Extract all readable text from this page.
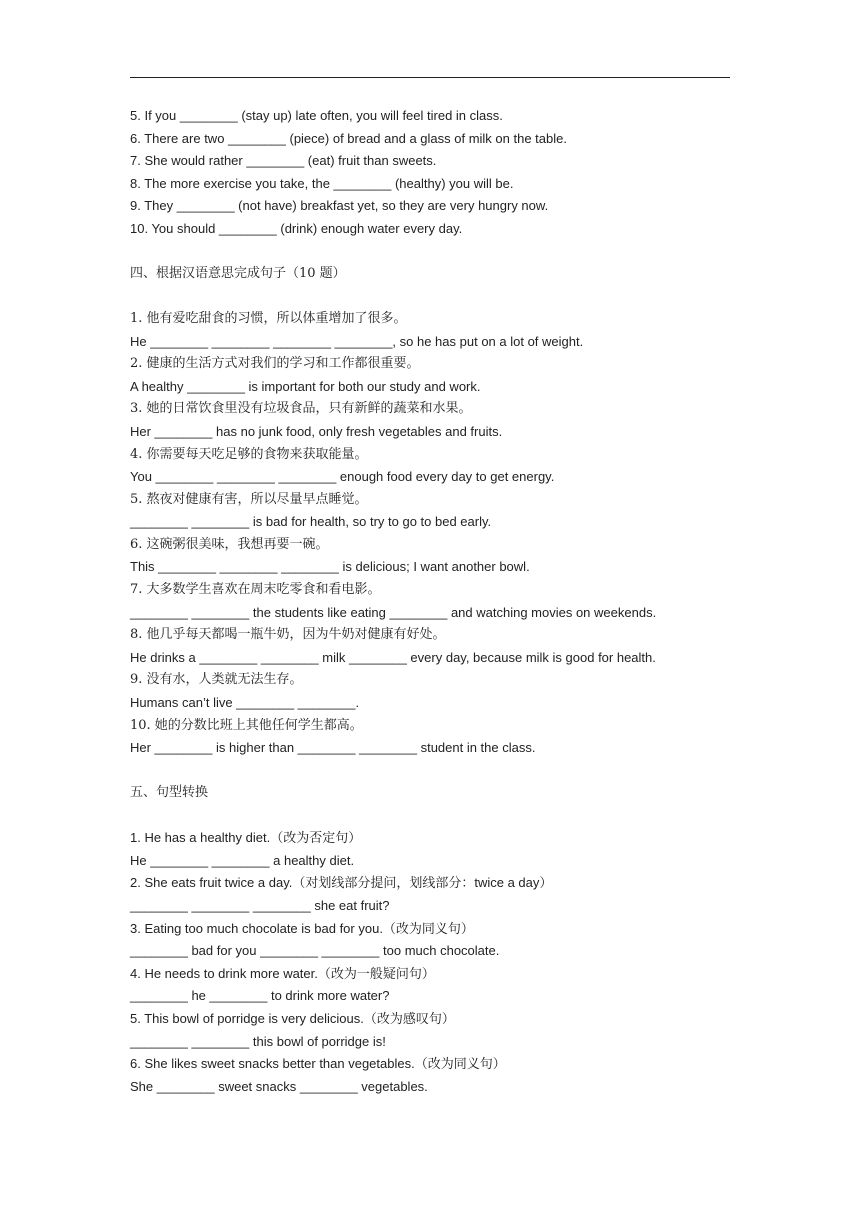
5. If you ________ (stay up) late often, you will feel tired in class.
6. There are two ________ (piece) of bread and a glass of milk on the table.
7. She would rather ________ (eat) fruit than sweets.
8. The more exercise you take, the ________ (healthy) you will be.
9. They ________ (not have) breakfast yet, so they are very hungry now.
10. You should ________ (drink) enough water every day.
四、根据汉语意思完成句子（10 题）
1. 他有爱吃甜食的习惯，所以体重增加了很多。
He ________ ________ ________ ________, so he has put on a lot of weight.
2. 健康的生活方式对我们的学习和工作都很重要。
A healthy ________ is important for both our study and work.
3. 她的日常饮食里没有垃圾食品，只有新鲜的蔬菜和水果。
Her ________ has no junk food, only fresh vegetables and fruits.
4. 你需要每天吃足够的食物来获取能量。
You ________ ________ ________ enough food every day to get energy.
5. 熬夜对健康有害，所以尽量早点睡觉。
________ ________ is bad for health, so try to go to bed early.
6. 这碗粥很美味，我想再要一碗。
This ________ ________ ________ is delicious; I want another bowl.
7. 大多数学生喜欢在周末吃零食和看电影。
________ ________ the students like eating ________ and watching movies on weekends.
8. 他几乎每天都喝一瓶牛奶，因为牛奶对健康有好处。
He drinks a ________ ________ milk ________ every day, because milk is good for health.
9. 没有水，人类就无法生存。
Humans can’t live ________ ________.
10. 她的分数比班上其他任何学生都高。
Her ________ is higher than ________ ________ student in the class.
五、句型转换
1. He has a healthy diet.（改为否定句）
He ________ ________ a healthy diet.
2. She eats fruit twice a day.（对划线部分提问，划线部分：twice a day）
________ ________ ________ she eat fruit?
3. Eating too much chocolate is bad for you.（改为同义句）
________ bad for you ________ ________ too much chocolate.
4. He needs to drink more water.（改为一般疑问句）
________ he ________ to drink more water?
5. This bowl of porridge is very delicious.（改为感叹句）
________ ________ this bowl of porridge is!
6. She likes sweet snacks better than vegetables.（改为同义句）
She ________ sweet snacks ________ vegetables.
